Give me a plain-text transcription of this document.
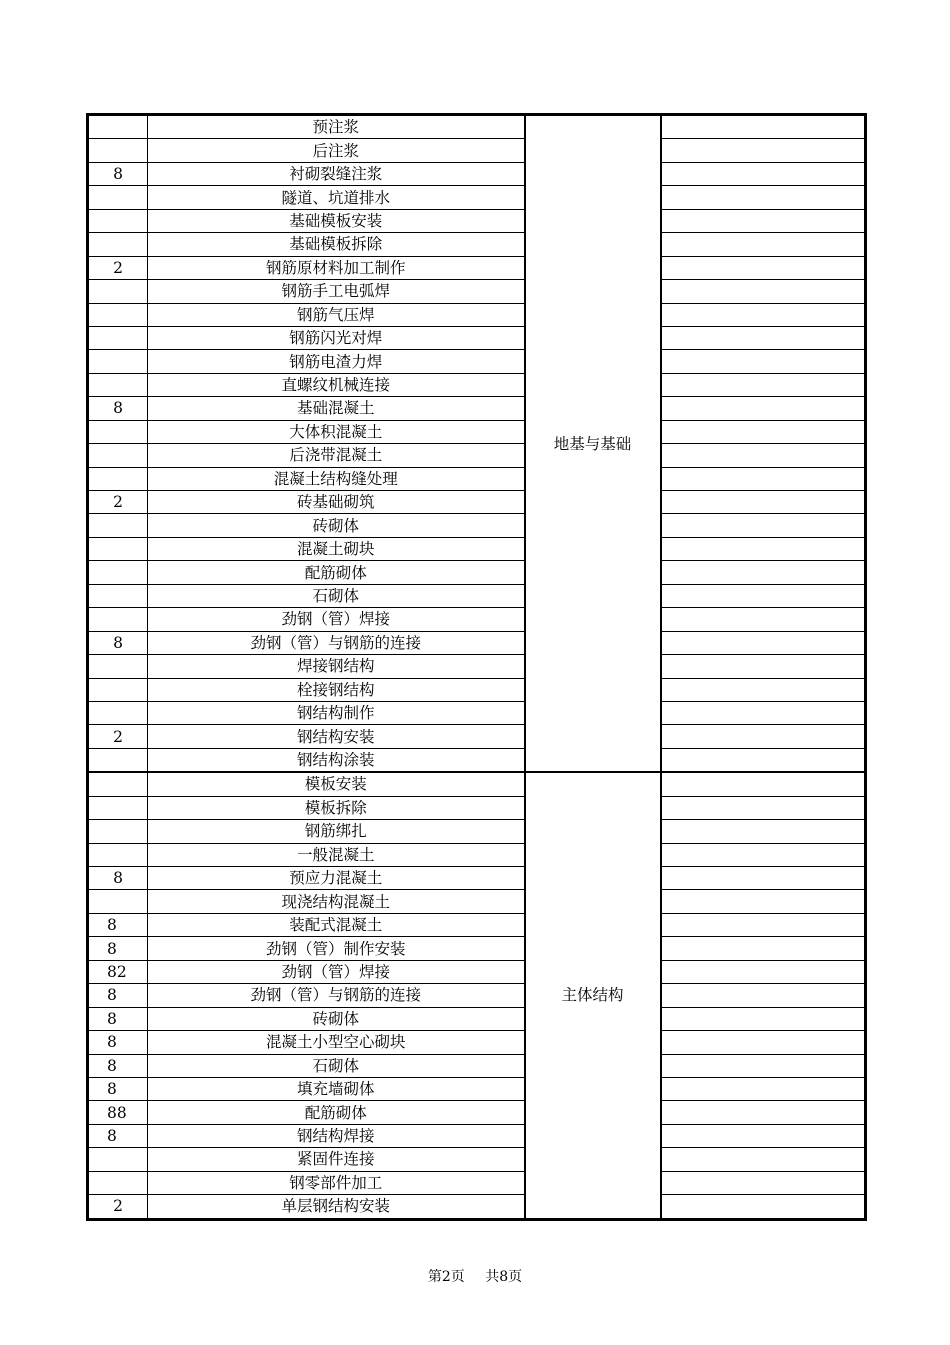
	预注浆	地基与基础	
	后注浆		
8	衬砌裂缝注浆		
	隧道、坑道排水		
	基础模板安装		
	基础模板拆除		
2	钢筋原材料加工制作		
	钢筋手工电弧焊		
	钢筋气压焊		
	钢筋闪光对焊		
	钢筋电渣力焊		
	直螺纹机械连接		
8	基础混凝土		
	大体积混凝土		
	后浇带混凝土		
	混凝土结构缝处理		
2	砖基础砌筑		
	砖砌体		
	混凝土砌块		
	配筋砌体		
	石砌体		
	劲钢（管）焊接		
8	劲钢（管）与钢筋的连接		
	焊接钢结构		
	栓接钢结构		
	钢结构制作		
2	钢结构安装		
	钢结构涂装		
	模板安装	主体结构	
	模板拆除		
	钢筋绑扎		
	一般混凝土		
8	预应力混凝土		
	现浇结构混凝土		
8	装配式混凝土		
8	劲钢（管）制作安装		
82	劲钢（管）焊接		
8	劲钢（管）与钢筋的连接		
8	砖砌体		
8	混凝土小型空心砌块		
8	石砌体		
8	填充墙砌体		
88	配筋砌体		
8	钢结构焊接		
	紧固件连接		
	钢零部件加工		
2	单层钢结构安装		
第2页 共8页
